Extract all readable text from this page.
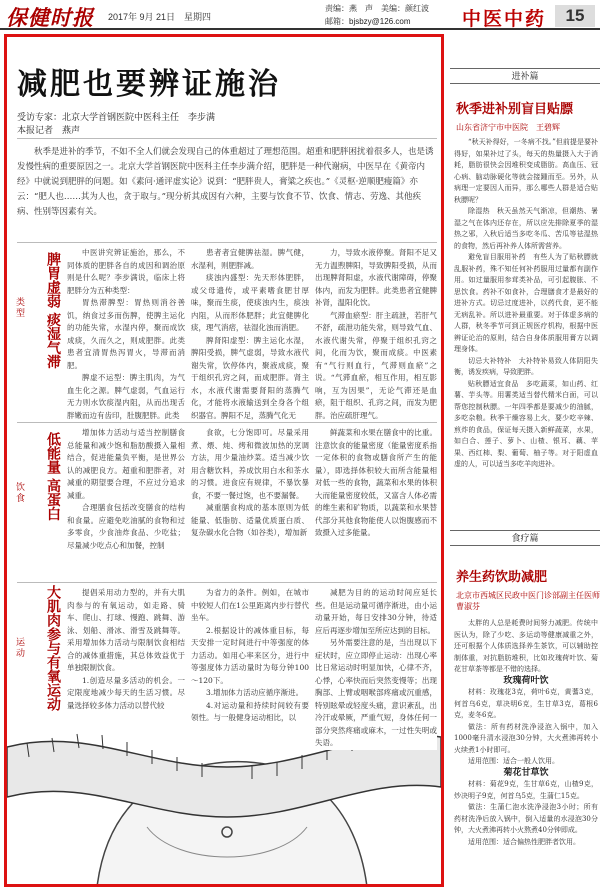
保健时报 2017年 9月 21日　星期四
责编：燕　声　美编：颜红波
邮箱：bjsbzy@126.com	中医中药	15
减肥也要辨证施治
受访专家：北京大学首钢医院中医科主任　李步满
本报记者　燕声
秋季是进补的季节，不如不全人们就会发现自己的体重超过了理想范围。超重和肥胖困扰着很多人，也是诱发慢性病的重要原因之一。北京大学首钢医院中医科主任李步满介绍，肥胖是一种代谢病，中医早在《黄帝内经》中就说到肥胖的问题。如《素问·通评虚实论》说到：“肥胖贵人，膏粱之疾也。”《灵枢·逆顺肥瘦篇》亦云：“肥人也……其为人也，贪于取与。”现分析其成因有六种，主要与饮食不节、饮食、情志、劳逸、其他疾病、性别等因素有关。
类型	脾胃虚弱 痰湿气滞	中医讲究辨证施治，那么，不同体质的肥胖各自的成因和调治原则是什么呢？李步满说，临床上将肥胖分为五种类型：

胃热滞脾型：胃热则消谷善饥，纳食过多而伤脾，使脾主运化的功能失常，水湿内停，聚而成饮成痰，久而久之，则成肥胖。此类患者宜清胃热泻胃火，导滞而消肥。

脾虚不运型：脾主肌肉，为气血生化之源。脾气虚弱，气血运行无力则水饮痰湿内阻，从而出现舌胖嫩而边有齿印，肚腹肥胖。此类

患者者宜健脾祛湿。脾气健，水湿利，则肥胖减。

痰浊内盛型：先天形体肥胖，或父母遗传，或平素嗜食肥甘厚味，聚而生痰，使痰浊内生，痰浊内阻，从而形体肥胖；此宜健脾化痰，理气消痞，祛湿化浊而消肥。

脾肾阳虚型：脾主运化水湿，脾阳受损，脾气虚弱，导致水液代谢失常，饮停体内，聚液成痰，聚于组织孔窍之间，而成肥胖。肾主水，水液代谢需要肾阳的蒸腾气化，才能将水液输送到全身各个组织器官。脾阳不足，蒸腾气化无

力，导致水液停聚。肾阳不足又无力温煦脾阳，导致脾阳受损，从而出现脾肾阳虚，水液代谢障碍，停聚体内，而发为肥胖。此类患者宜健脾补肾，温阳化饮。

气滞血瘀型：肝主疏泄，若肝气不舒，疏泄功能失常，则导致气血、水液代谢失常，停聚于组织孔窍之间，化而为饮，聚而成痰。中医素有“气行则血行，气滞则血瘀”之说。“气滞血瘀，相互作用，相互影响，互为因果”，无论气滞还是血瘀，阻于组织、孔窍之间，而发为肥胖。治应疏肝理气。

饮食	低能量 高蛋白	增加体力活动与适当控制膳食总能量和减少饱和脂肪酸摄入量相结合，促进能量负平衡，是世界公认的减肥良方。超重和肥胖者，对减重的期望要合理，不应过分追求减重。

合理膳食包括改变膳食的结构和食量。应避免吃油腻的食物和过多零食，少食油炸食品、少吃盐；尽量减少吃点心和加餐，控制

食欲，七分饱即可。尽量采用煮、煨、炖、烤和微波加热的烹调方法，用少量油炒菜。适当减少饮用含糖饮料，养成饮用白水和茶水的习惯。进食应有规律，不暴饮暴食，不要一餐过饱，也不要漏餐。

减重膳食构成的基本原则为低能量、低脂肪、适量优质蛋白质、复杂碳水化合物（如谷类），增加新

鲜蔬菜和水果在膳食中的比重。注意饮食的能量密度（能量密度系指一定体积的食物或膳食所产生的能量），即选择体积较大而所含能量相对低一些的食物，蔬菜和水果的体积大而能量密度较低，又富含人体必需的维生素和矿物质，以蔬菜和水果替代部分其他食物能使人以饱腹感而不致摄入过多能量。

运动	大肌肉参与有氧运动	提倡采用动力型的，并有大肌肉参与的有氧运动，如走路、骑车、爬山、打球、慢跑、跳舞、游泳、划船、滑冰、滑雪及跳舞等。采用增加体力活动与限制饮食相结合的减体重措施，其总体效益优于单独限制饮食。

1.创造尽量多活动的机会。一定限度地减少每天的生活习惯。尽量选择较多体力活动以替代较

为省力的条件。例如，在城市中较短人们在1公里距离内步行替代坐车。

2.根据设计的减体重目标，每天安排一定时间进行中等强度的体力活动。如用心率来区分，进行中等强度体力活动量时为每分钟100～120下。

3.增加体力活动应循序渐进。

4.对运动量和持续时间较有要领性。与一般健身运动相比，以

减肥为目的的运动时间应延长些。但是运动量可循序渐进，由小运动量开始，每日安排30分钟，待适应后再逐步增加至所应达到的目标。

另外需要注意的是，当出现以下症状时，应立即停止运动：出现心率比日常运动时明显加快，心律不齐，心悸，心率快而后突然变慢等；出现胸部、上臂或咽喉部疼痛或沉重感，特别眩晕或轻度头痛，意识紊乱，出冷汗或晕厥，严重气短，身体任何一部分突然疼痛或麻木，一过性失明或失语。

进补篇
秋季进补别盲目贴膘
山东省济宁市中医院　王碧辉

“秋天补得好，一冬病不找。”但前提是要补得好，如果补过了头，每天的热量摄入大于消耗，脂肪很快会因堆积变成脂肪。高血压、冠心病、脑动脉硬化等就会接踵而至。另外，从病理一定要因人而异，那么哪些人群是适合贴秋膘呢？

除湿热　秋天虽然天气渐凉，但潮热、暑湿之气在体内还存在，所以应先排除夏季的湿热之邪，入秋后适当多吃冬瓜、苦瓜等祛湿热的食物，然后再补养人体所需营养。

避免盲目服用补药　有些人为了贴秋膘就乱服补药，殊不知任何补药服用过量都有副作用。如过量服用参茸类补品，可引起腹胀、不思饮食。药补不如食补，合理膳食才是最好的进补方式。切忌过度进补，以药代食，更不能无病乱补。所以进补最重要。对于体虚多病的人群，秋冬季节可到正规医疗机构，根据中医辨证论治的原则，结合自身体质服用膏方以调理身体。

切忌大补特补　大补特补易致人体阴阳失衡，诱发疾病，导致肥胖。

贴秋膘适宜食品　多吃蔬菜，如山药、红薯、芋头等。用薯类适当替代精米白面，可以帮您控制秋膘。一年四季都是要减少的油腻，多吃杂粮。秋季干燥容易上火，要少吃辛辣、煎炸的食品，保证每天摄入新鲜蔬菜，水果，如白合、莲子、萝卜、山楂、银耳、藕、苹果、西红柿、梨、葡萄、柚子等。对于阳虚血虚的人，可以适当多吃羊肉进补。

食疗篇
养生药饮助减肥
北京市西城区民政中医门诊部副主任医师　曹淑芬

太胖的人总是耗费时间努力减肥。传统中医认为，除了少吃、多运动等健康减重之外，还可根据个人体质选择养生茶饮，可以辅助控制体重，对抗脂肪堆积，比如玫瑰荷叶饮、菊花甘草茶等都是不错的选择。

玫瑰荷叶饮

材料：玫瑰花3克，荷叶6克，黄蓍3克，何首乌6克，草决明6克，生甘草3克，葛根6克，麦冬6克。

做法：所有药材洗净浸泡入锅中，加入1000毫升清水浸泡30分钟，大火煮沸再转小火续煮1小时即可。

适用范围：适合一般人饮用。

菊花甘草饮

材料：菊花9克，生甘草6克，山楂9克，炒决明子9克，何首乌5克，生蒲仁15克。

做法：生蒲仁泡水洗净浸泡3小时；所有药材洗净后放入锅中，倒入适量的水浸泡30分钟，大火煮沸再转小火熬煮40分钟即成。

适用范围：适合偏热性肥胖者饮用。
